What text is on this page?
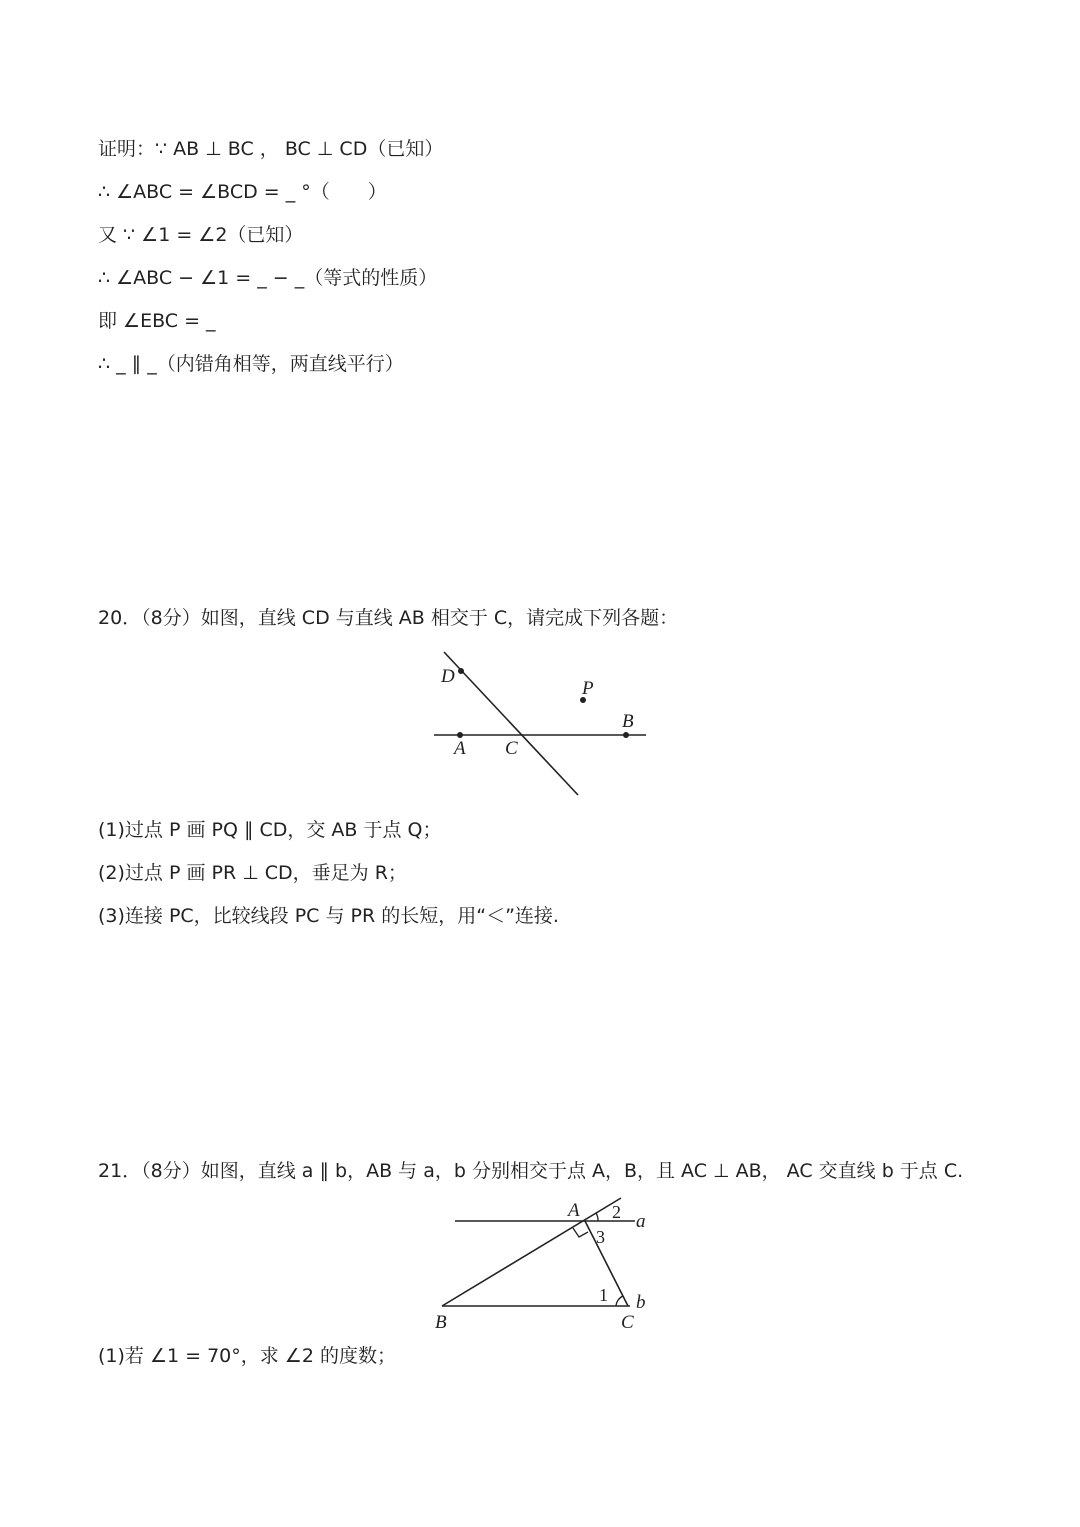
证明：∵ AB ⊥ BC ， BC ⊥ CD（已知）
∴ ∠ABC = ∠BCD = _ °（　　）
又 ∵ ∠1 = ∠2（已知）
∴ ∠ABC − ∠1 = _ − _（等式的性质）
即 ∠EBC = _
∴ _ ∥ _（内错角相等，两直线平行）
20．（8分）如图，直线 CD 与直线 AB 相交于 C，请完成下列各题：
D
P
B
A C
(1)过点 P 画 PQ ∥ CD，交 AB 于点 Q；
(2)过点 P 画 PR ⊥ CD，垂足为 R；
(3)连接 PC，比较线段 PC 与 PR 的长短，用“＜”连接.
21．（8分）如图，直线 a ∥ b，AB 与 a，b 分别相交于点 A，B，且 AC ⊥ AB， AC 交直线 b 于点 C.
A 2 a
3
1 b
B	C
(1)若 ∠1 = 70°，求 ∠2 的度数；
